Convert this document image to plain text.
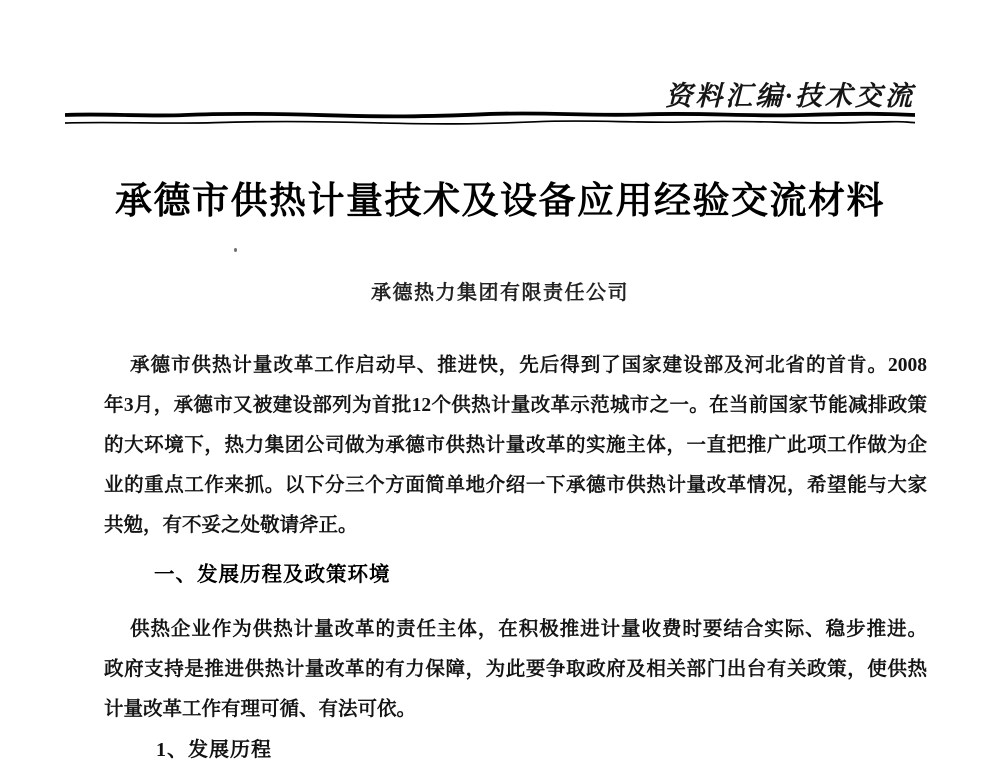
资料汇编·技术交流
承德市供热计量技术及设备应用经验交流材料
承德热力集团有限责任公司

承德市供热计量改革工作启动早、推进快，先后得到了国家建设部及河北省的首肯。2008

年3月，承德市又被建设部列为首批12个供热计量改革示范城市之一。在当前国家节能减排政策

的大环境下，热力集团公司做为承德市供热计量改革的实施主体，一直把推广此项工作做为企

业的重点工作来抓。以下分三个方面简单地介绍一下承德市供热计量改革情况，希望能与大家

共勉，有不妥之处敬请斧正。

一、发展历程及政策环境

供热企业作为供热计量改革的责任主体，在积极推进计量收费时要结合实际、稳步推进。

政府支持是推进供热计量改革的有力保障，为此要争取政府及相关部门出台有关政策，使供热

计量改革工作有理可循、有法可依。

1、发展历程
